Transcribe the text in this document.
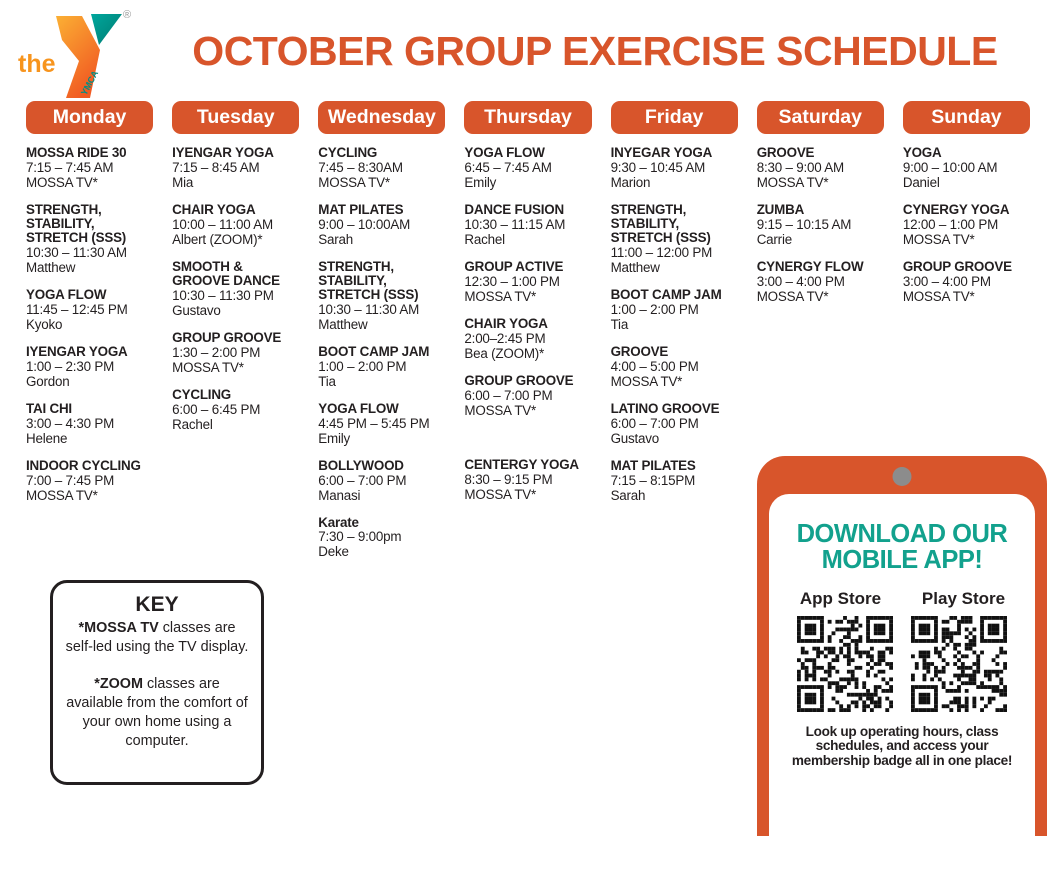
the
YMCA
®
OCTOBER GROUP EXERCISE SCHEDULE
Monday
MOSSA RIDE 30
7:15 – 7:45 AM
MOSSA TV*
STRENGTH, STABILITY, STRETCH (SSS)
10:30 – 11:30 AM
Matthew
YOGA FLOW
11:45 – 12:45 PM
Kyoko
IYENGAR YOGA
1:00 – 2:30 PM
Gordon
TAI CHI
3:00 – 4:30 PM
Helene
INDOOR CYCLING
7:00 – 7:45 PM
MOSSA TV*
Tuesday
IYENGAR YOGA
7:15 – 8:45 AM
Mia
CHAIR YOGA
10:00 – 11:00 AM
Albert (ZOOM)*
SMOOTH & GROOVE DANCE
10:30 – 11:30 PM
Gustavo
GROUP GROOVE
1:30 – 2:00 PM
MOSSA TV*
CYCLING
6:00 – 6:45 PM
Rachel
Wednesday
CYCLING
7:45 – 8:30AM
MOSSA TV*
MAT PILATES
9:00 – 10:00AM
Sarah
STRENGTH, STABILITY, STRETCH (SSS)
10:30 – 11:30 AM
Matthew
BOOT CAMP JAM
1:00 – 2:00 PM
Tia
YOGA FLOW
4:45 PM – 5:45 PM
Emily
BOLLYWOOD
6:00 – 7:00 PM
Manasi
Karate
7:30 – 9:00pm
Deke
Thursday
YOGA FLOW
6:45 – 7:45 AM
Emily
DANCE FUSION
10:30 – 11:15 AM
Rachel
GROUP ACTIVE
12:30 – 1:00 PM
MOSSA TV*
CHAIR YOGA
2:00–2:45 PM
Bea (ZOOM)*
GROUP GROOVE
6:00 – 7:00 PM
MOSSA TV*
CENTERGY YOGA
8:30 – 9:15 PM
MOSSA TV*
Friday
INYEGAR YOGA
9:30 – 10:45 AM
Marion
STRENGTH, STABILITY, STRETCH (SSS)
11:00 – 12:00 PM
Matthew
BOOT CAMP JAM
1:00 – 2:00 PM
Tia
GROOVE
4:00 – 5:00 PM
MOSSA TV*
LATINO GROOVE
6:00 – 7:00 PM
Gustavo
MAT PILATES
7:15 – 8:15PM
Sarah
Saturday
GROOVE
8:30 – 9:00 AM
MOSSA TV*
ZUMBA
9:15 – 10:15 AM
Carrie
CYNERGY FLOW
3:00 – 4:00 PM
MOSSA TV*
Sunday
YOGA
9:00 – 10:00 AM
Daniel
CYNERGY YOGA
12:00 – 1:00 PM
MOSSA TV*
GROUP GROOVE
3:00 – 4:00 PM
MOSSA TV*
KEY

*MOSSA TV classes are self-led using the TV display.

*ZOOM classes are available from the comfort of your own home using a computer.

DOWNLOAD OUR MOBILE APP!
App Store	Play Store

Look up operating hours, class schedules, and access your membership badge all in one place!
